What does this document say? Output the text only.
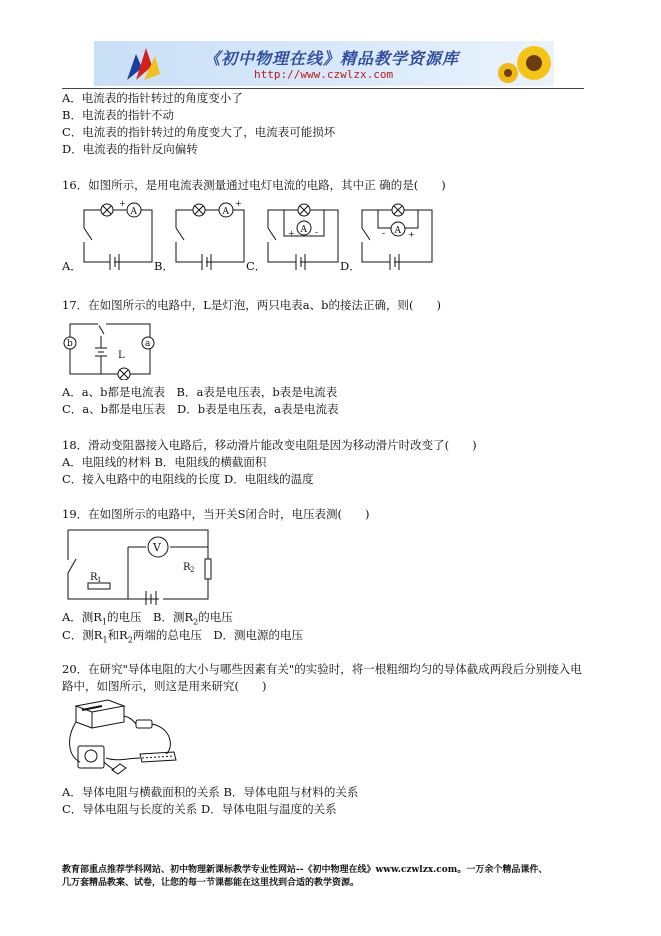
《初中物理在线》精品教学资源库
http://www.czwlzx.com
A．电流表的指针转过的角度变小了
B．电流表的指针不动
C．电流表的指针转过的角度变大了，电流表可能损坏
D．电流表的指针反向偏转
16．如图所示，是用电流表测量通过电灯电流的电路，其中正 确的是(　　)
A
+
A
+
A
+ -	A
-	+
A．	B．	C．	D．
17．在如图所示的电路中，L是灯泡，两只电表a、b的接法正确，则(　　)
b	a
L
A．a、b都是电流表　B．a表是电压表，b表是电流表
C．a、b都是电压表　D．b表是电压表，a表是电流表
18．滑动变阻器接入电路后，移动滑片能改变电阻是因为移动滑片时改变了(　　)
A．电阻线的材料 B．电阻线的横截面积
C．接入电路中的电阻线的长度 D．电阻线的温度
19．在如图所示的电路中，当开关S闭合时，电压表测(　　)
V
R 1
R 2
A．测$R_1$的电压　B．测$R_2$的电压
C．测$R_1$和$R_2$两端的总电压　D．测电源的电压
20．在研究"导体电阻的大小与哪些因素有关"的实验时，将一根粗细均匀的导体截成两段后分别接入电
路中，如图所示，则这是用来研究(　　)
A．导体电阻与横截面积的关系 B．导体电阻与材料的关系
C．导体电阻与长度的关系 D．导体电阻与温度的关系
教育部重点推荐学科网站、初中物理新课标教学专业性网站--《初中物理在线》www.czwlzx.com。一万余个精品课件、
几万套精品教案、试卷，让您的每一节课都能在这里找到合适的教学资源。
